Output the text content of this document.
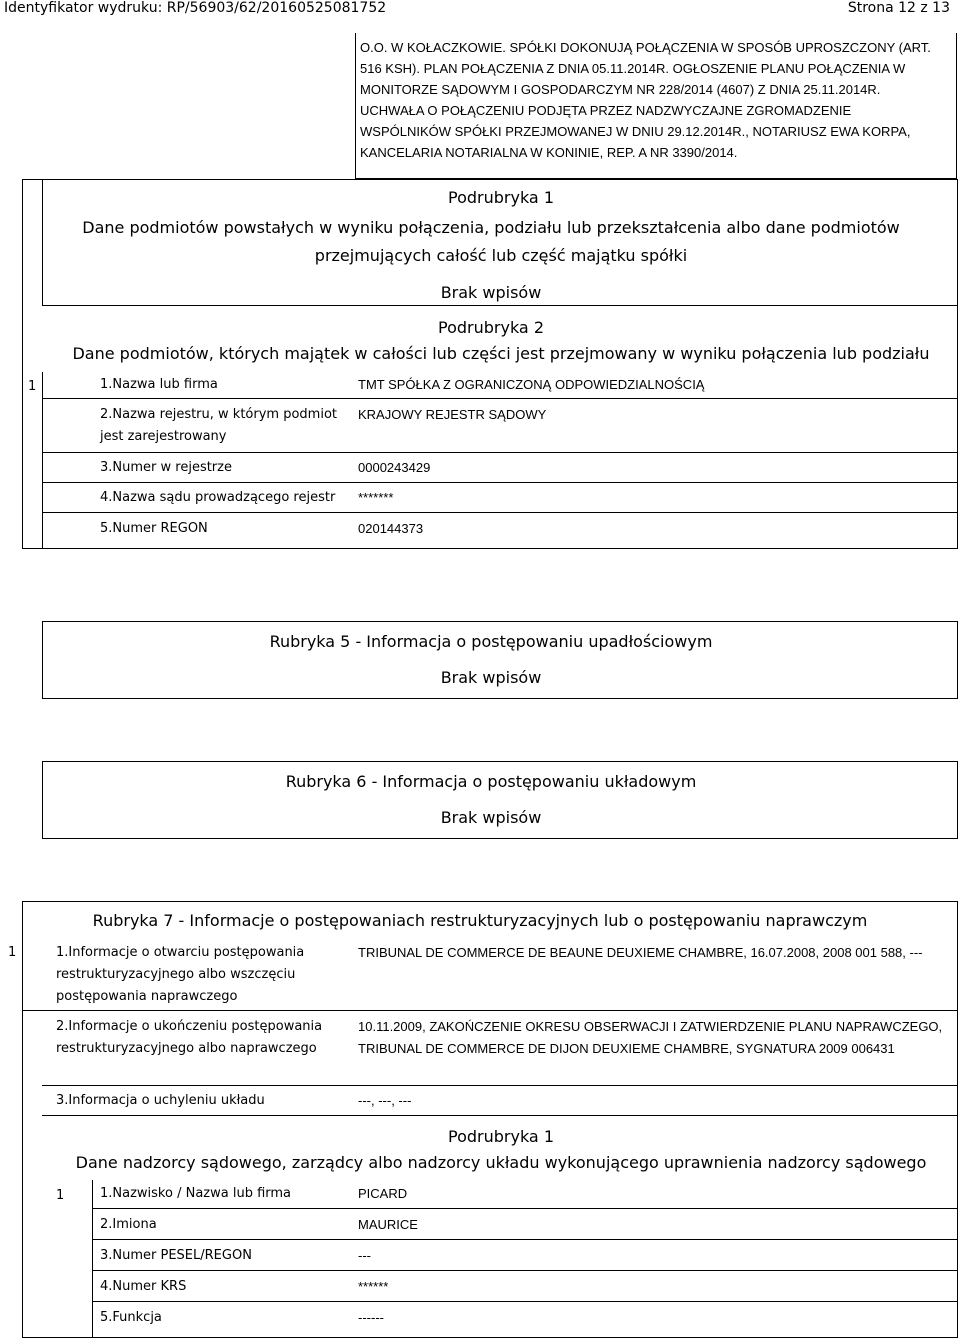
Identyfikator wydruku: RP/56903/62/20160525081752	Strona 12 z 13
O.O. W KOŁACZKOWIE. SPÓŁKI DOKONUJĄ POŁĄCZENIA W SPOSÓB UPROSZCZONY (ART.
516 KSH). PLAN POŁĄCZENIA Z DNIA 05.11.2014R. OGŁOSZENIE PLANU POŁĄCZENIA W
MONITORZE SĄDOWYM I GOSPODARCZYM NR 228/2014 (4607) Z DNIA 25.11.2014R.
UCHWAŁA O POŁĄCZENIU PODJĘTA PRZEZ NADZWYCZAJNE ZGROMADZENIE
WSPÓLNIKÓW SPÓŁKI PRZEJMOWANEJ W DNIU 29.12.2014R., NOTARIUSZ EWA KORPA,
KANCELARIA NOTARIALNA W KONINIE, REP. A NR 3390/2014.
Podrubryka 1
Dane podmiotów powstałych w wyniku połączenia, podziału lub przekształcenia albo dane podmiotów
przejmujących całość lub część majątku spółki
Brak wpisów
Podrubryka 2
Dane podmiotów, których majątek w całości lub części jest przejmowany w wyniku połączenia lub podziału
1	1.Nazwa lub firma	TMT SPÓŁKA Z OGRANICZONĄ ODPOWIEDZIALNOŚCIĄ
2.Nazwa rejestru, w którym podmiot jest zarejestrowany
KRAJOWY REJESTR SĄDOWY
3.Numer w rejestrze	0000243429
4.Nazwa sądu prowadzącego rejestr *******
5.Numer REGON	020144373
Rubryka 5 - Informacja o postępowaniu upadłościowym
Brak wpisów
Rubryka 6 - Informacja o postępowaniu układowym
Brak wpisów
Rubryka 7 - Informacje o postępowaniach restrukturyzacyjnych lub o postępowaniu naprawczym
1	1.Informacje o otwarciu postępowania restrukturyzacyjnego albo wszczęciu postępowania naprawczego
TRIBUNAL DE COMMERCE DE BEAUNE DEUXIEME CHAMBRE, 16.07.2008, 2008 001 588, ---
2.Informacje o ukończeniu postępowania restrukturyzacyjnego albo naprawczego
10.11.2009, ZAKOŃCZENIE OKRESU OBSERWACJI I ZATWIERDZENIE PLANU NAPRAWCZEGO, TRIBUNAL DE COMMERCE DE DIJON DEUXIEME CHAMBRE, SYGNATURA 2009 006431
3.Informacja o uchyleniu układu	---, ---, ---
Podrubryka 1
Dane nadzorcy sądowego, zarządcy albo nadzorcy układu wykonującego uprawnienia nadzorcy sądowego
1	1.Nazwisko / Nazwa lub firma	PICARD
2.Imiona	MAURICE
3.Numer PESEL/REGON	---
4.Numer KRS	******
5.Funkcja	------
